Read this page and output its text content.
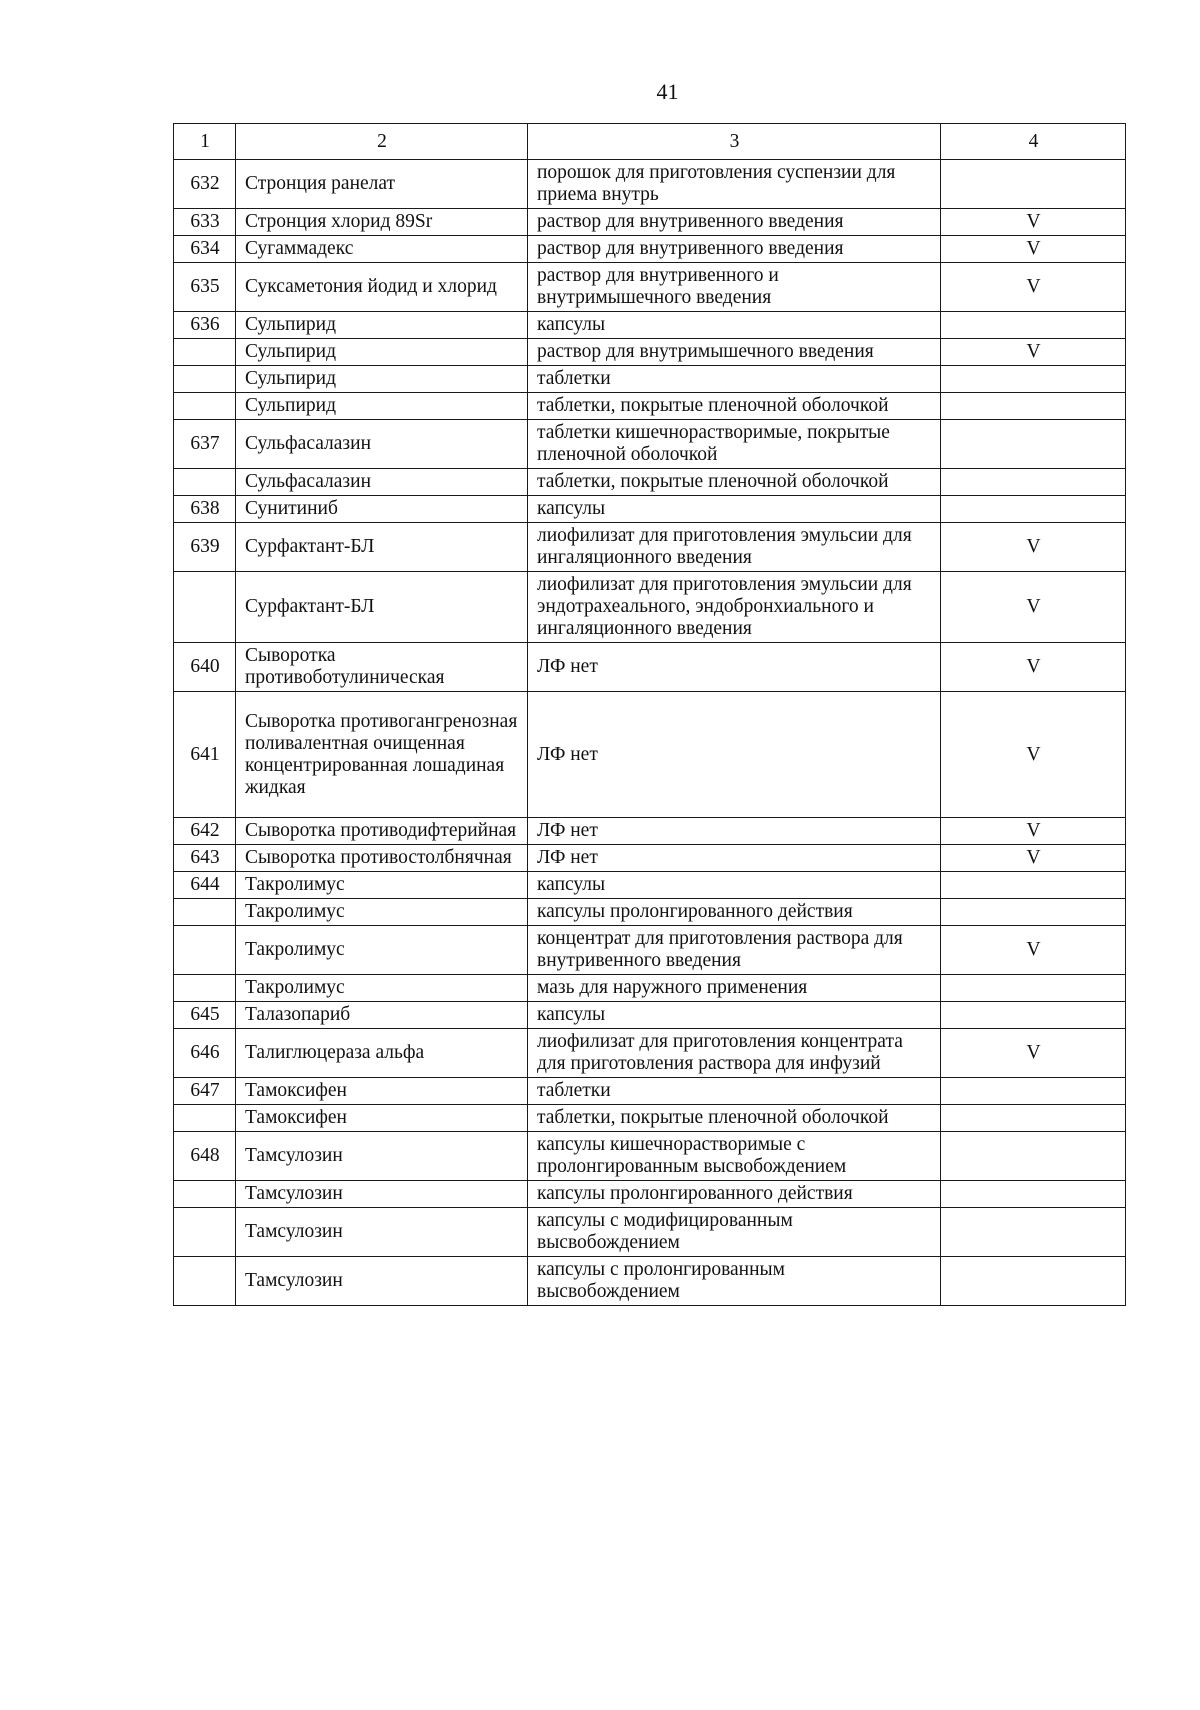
41
1	2	3	4
632	Стронция ранелат	порошок для приготовления суспензии для приема внутрь	
633	Стронция хлорид 89Sr	раствор для внутривенного введения	V
634	Сугаммадекс	раствор для внутривенного введения	V
635	Суксаметония йодид и хлорид	раствор для внутривенного и внутримышечного введения	V
636	Сульпирид	капсулы	
	Сульпирид	раствор для внутримышечного введения	V
	Сульпирид	таблетки	
	Сульпирид	таблетки, покрытые пленочной оболочкой	
637	Сульфасалазин	таблетки кишечнорастворимые, покрытые пленочной оболочкой	
	Сульфасалазин	таблетки, покрытые пленочной оболочкой	
638	Сунитиниб	капсулы	
639	Сурфактант-БЛ	лиофилизат для приготовления эмульсии для ингаляционного введения	V
	Сурфактант-БЛ	лиофилизат для приготовления эмульсии для эндотрахеального, эндобронхиального и ингаляционного введения	V
640	Сыворотка противоботулиническая	ЛФ нет	V
641	Сыворотка противогангренозная поливалентная очищенная концентрированная лошадиная жидкая	ЛФ нет	V
642	Сыворотка противодифтерийная	ЛФ нет	V
643	Сыворотка противостолбнячная	ЛФ нет	V
644	Такролимус	капсулы	
	Такролимус	капсулы пролонгированного действия	
	Такролимус	концентрат для приготовления раствора для внутривенного введения	V
	Такролимус	мазь для наружного применения	
645	Талазопариб	капсулы	
646	Талиглюцераза альфа	лиофилизат для приготовления концентрата для приготовления раствора для инфузий	V
647	Тамоксифен	таблетки	
	Тамоксифен	таблетки, покрытые пленочной оболочкой	
648	Тамсулозин	капсулы кишечнорастворимые с пролонгированным высвобождением	
	Тамсулозин	капсулы пролонгированного действия	
	Тамсулозин	капсулы с модифицированным высвобождением	
	Тамсулозин	капсулы с пролонгированным высвобождением	
